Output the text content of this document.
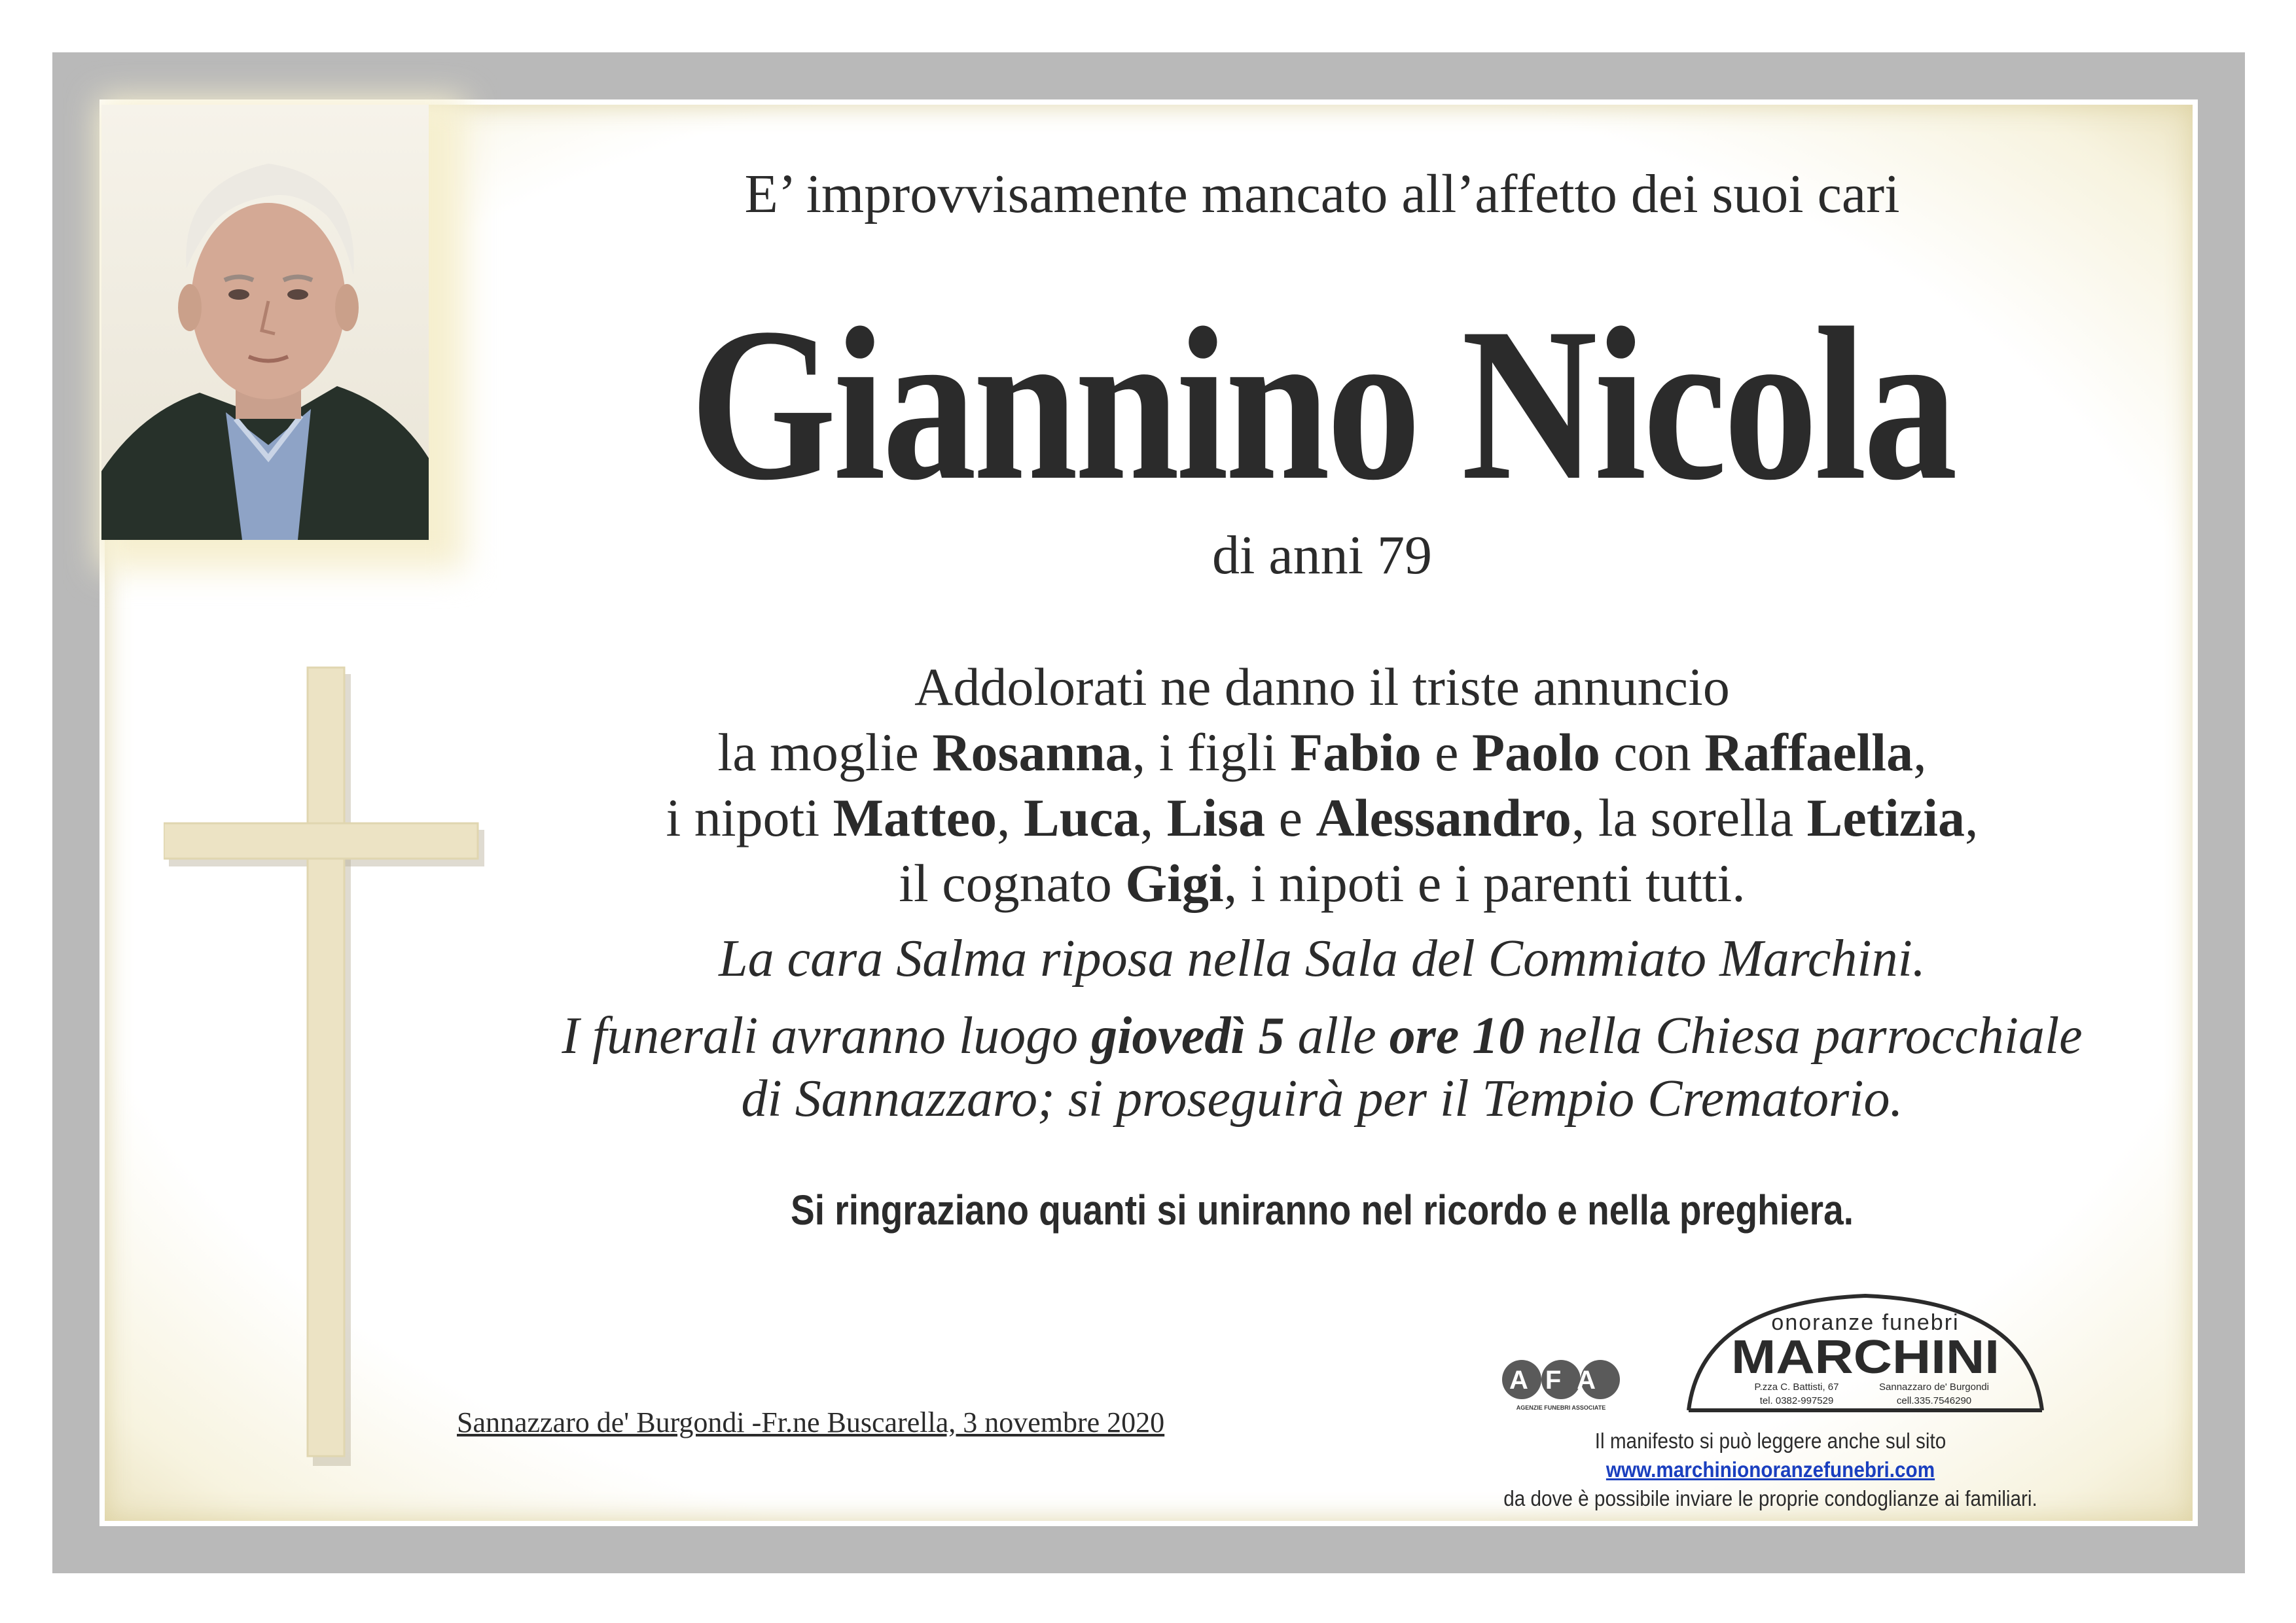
E’ improvvisamente mancato all’affetto dei suoi cari
Giannino Nicola
di anni 79
Addolorati ne danno il triste annuncio
la moglie Rosanna, i figli Fabio e Paolo con Raffaella,
i nipoti Matteo, Luca, Lisa e Alessandro, la sorella Letizia,
il cognato Gigi, i nipoti e i parenti tutti.
La cara Salma riposa nella Sala del Commiato Marchini.
I funerali avranno luogo giovedì 5 alle ore 10 nella Chiesa parrocchiale
di Sannazzaro; si proseguirà per il Tempio Crematorio.
Si ringraziano quanti si uniranno nel ricordo e nella preghiera.
Sannazzaro de' Burgondi -Fr.ne Buscarella, 3 novembre 2020
AFA
AGENZIE FUNEBRI ASSOCIATE
onoranze funebri
MARCHINI
P.zza C. Battisti, 67	Sannazzaro de' Burgondi
tel. 0382-997529	cell.335.7546290
Il manifesto si può leggere anche sul sito www.marchinionoranzefunebri.com
da dove è possibile inviare le proprie condoglianze ai familiari.
